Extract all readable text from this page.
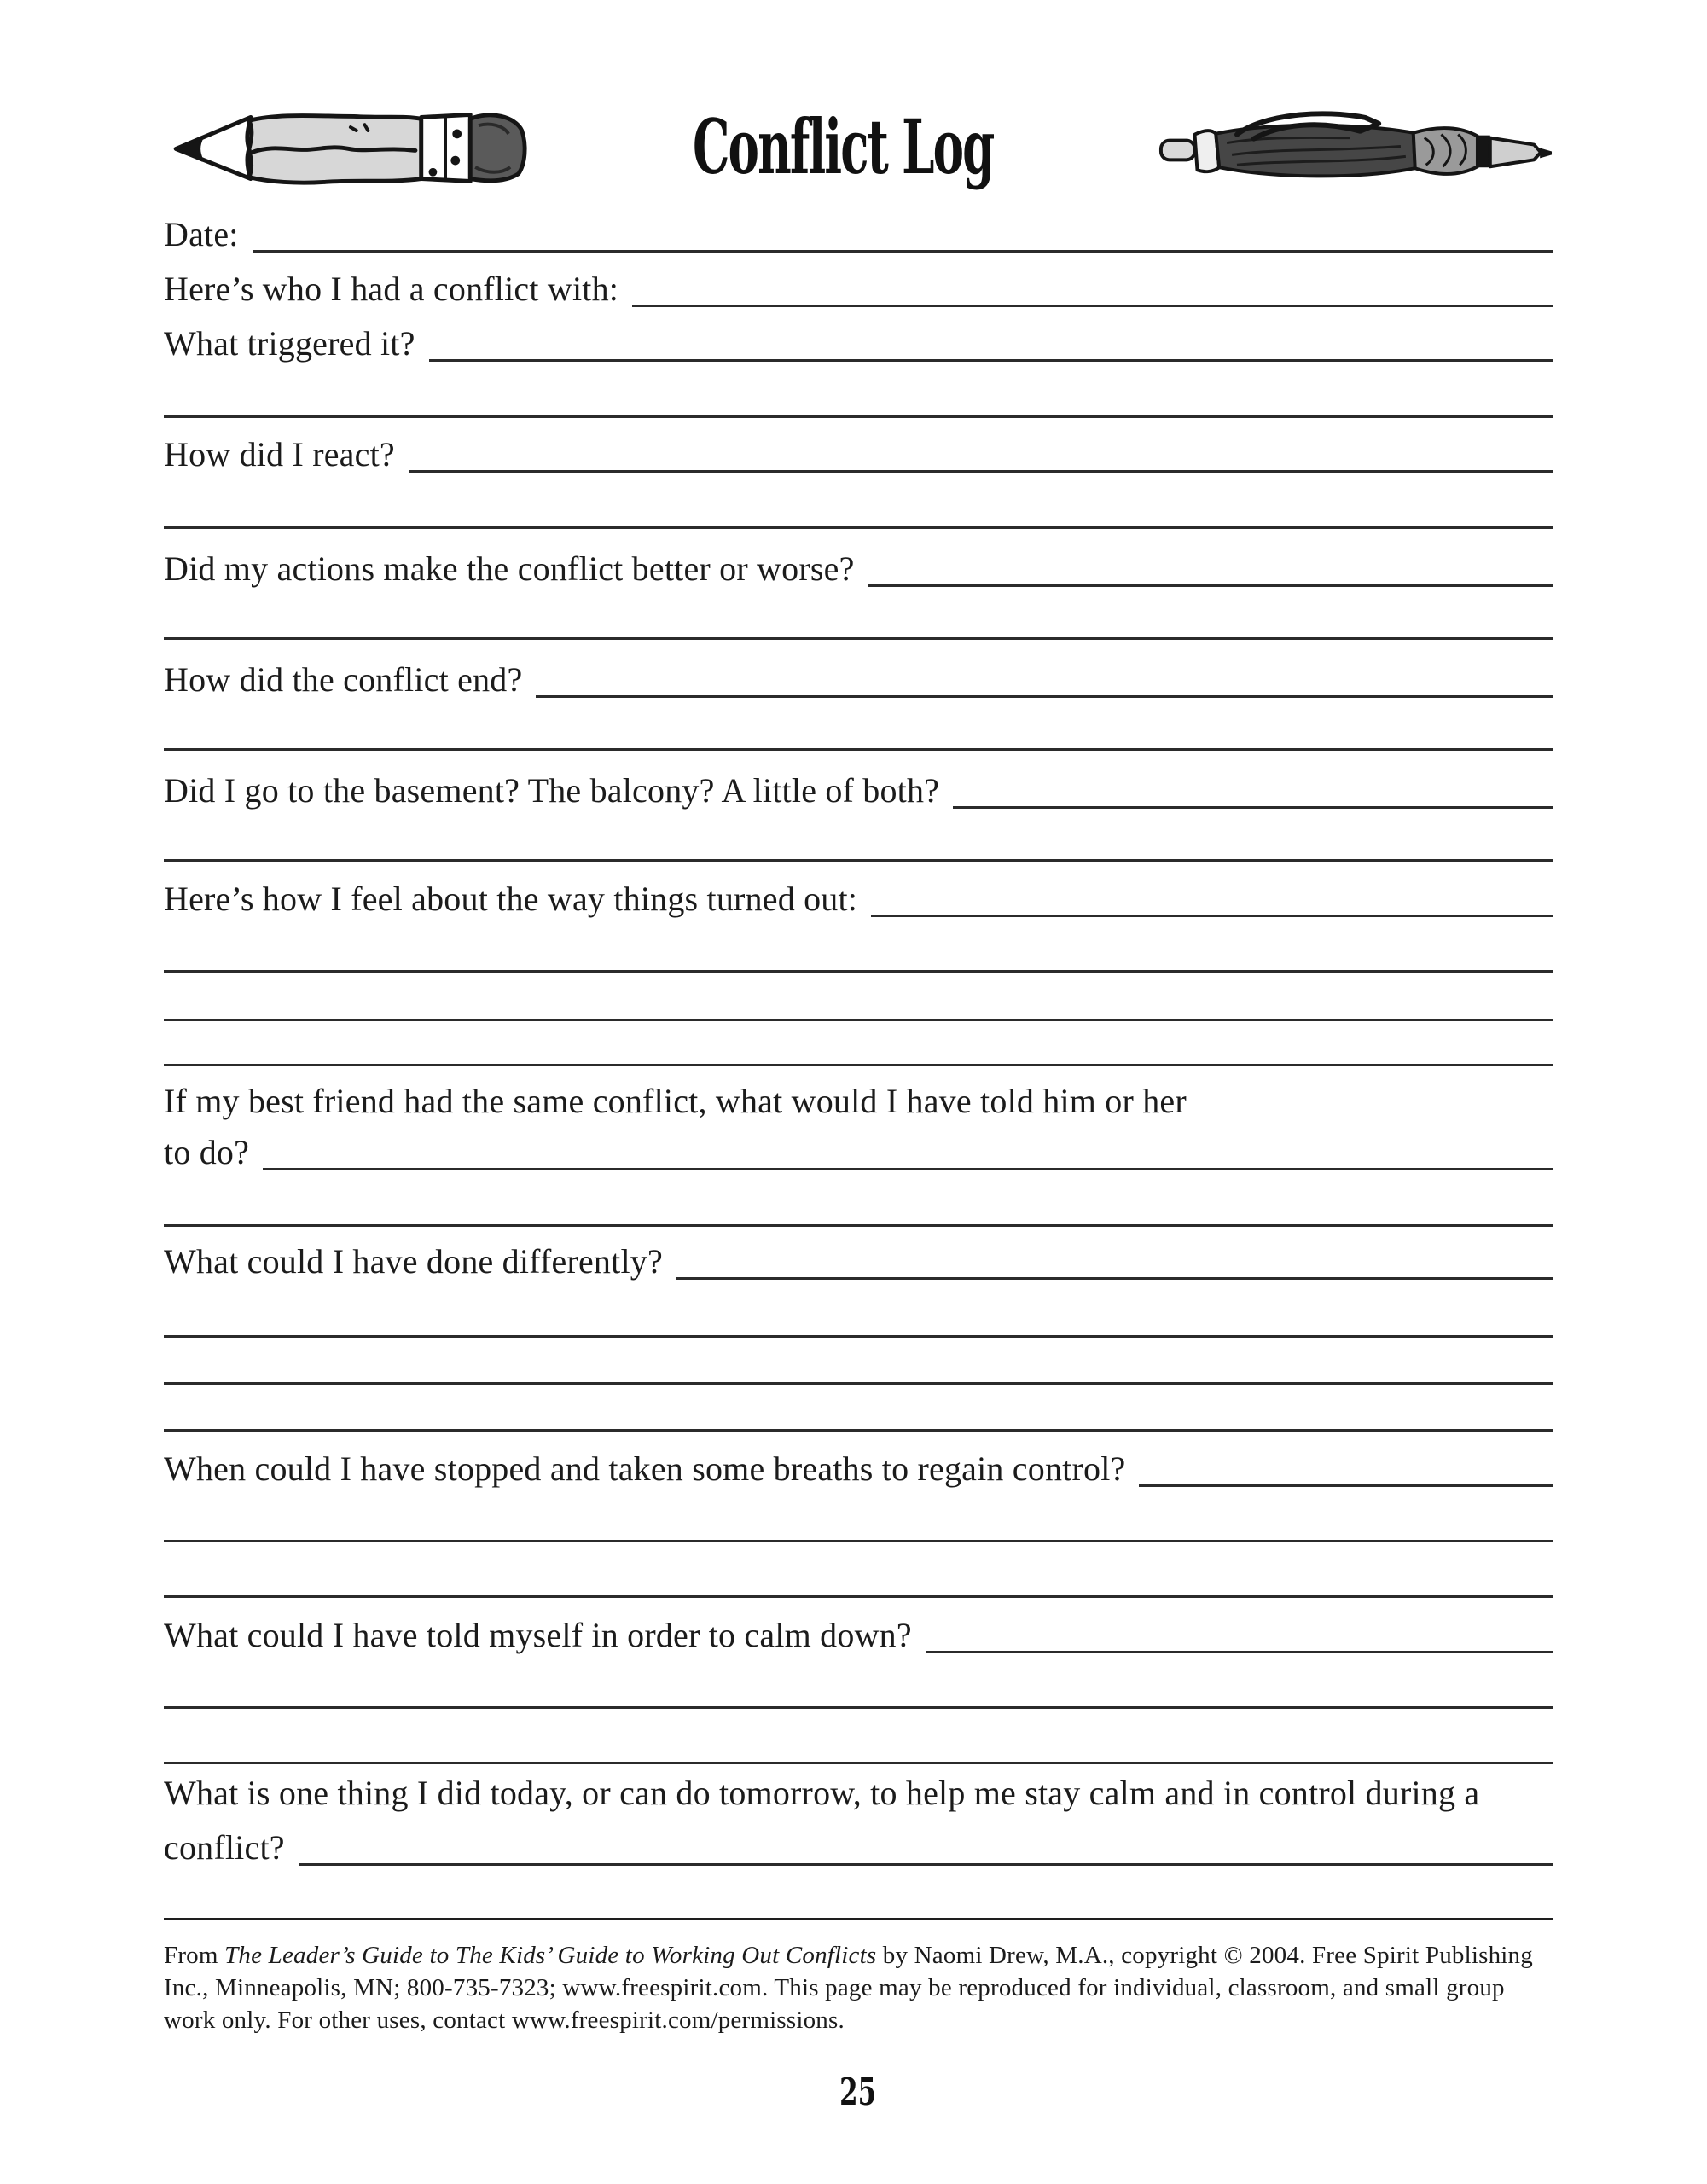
Conflict Log
Date:
Here’s who I had a conflict with:
What triggered it?
How did I react?
Did my actions make the conflict better or worse?
How did the conflict end?
Did I go to the basement? The balcony? A little of both?
Here’s how I feel about the way things turned out:
If my best friend had the same conflict, what would I have told him or her
to do?
What could I have done differently?
When could I have stopped and taken some breaths to regain control?
What could I have told myself in order to calm down?
What is one thing I did today, or can do tomorrow, to help me stay calm and in control during a
conflict?
From The Leader’s Guide to The Kids’ Guide to Working Out Conflicts by Naomi Drew, M.A., copyright © 2004. Free Spirit Publishing Inc., Minneapolis, MN; 800-735-7323; www.freespirit.com. This page may be reproduced for individual, classroom, and small group work only. For other uses, contact www.freespirit.com/permissions.
25
